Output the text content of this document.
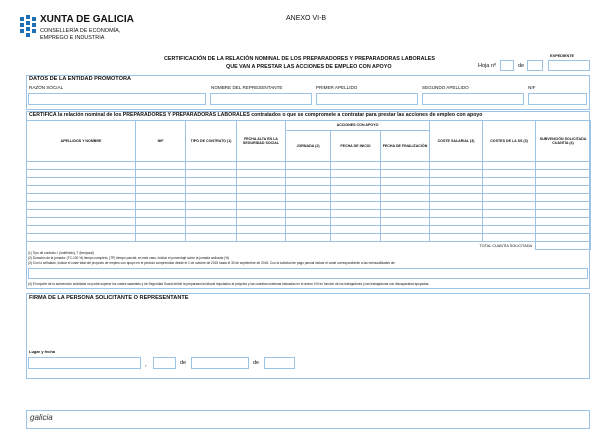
XUNTA DE GALICIA
CONSELLERÍA DE ECONOMÍA,
EMPREGO E INDUSTRIA
ANEXO VI-B
CERTIFICACIÓN DE LA RELACIÓN NOMINAL DE LOS PREPARADORES Y PREPARADORAS LABORALES
QUE VAN A PRESTAR LAS ACCIONES DE EMPLEO CON APOYO	Hoja nº	de
EXPEDIENTE
DATOS DE LA ENTIDAD PROMOTORA
RAZÓN SOCIAL	NOMBRE DEL REPRESENTANTE	PRIMER APELLIDO	SEGUNDO APELLIDO	NIF
CERTIFICA la relación nominal de los PREPARADORES Y PREPARADORAS LABORALES contratados o que se compromete a contratar para prestar las acciones de empleo con apoyo
APELLIDOS Y NOMBRE	NIF	TIPO DE CONTRATO (1)	FECHA ALTA EN LA SEGURIDAD SOCIAL	ACCIONES CON APOYO			COSTE SALARIAL (3)	COSTES DE LA SS (3)	SUBVENCIÓN SOLICITADA CUANTÍA (4)
				JORNADA (2)	FECHA DE INICIO	FECHA DE FINALIZACIÓN			

TOTAL CUANTÍA SOLICITADA									
(1) Tipo de contrato: I (indefinido), T (temporal)
(2) Duración de la jornada: (TC-100 %) tiempo completo, (TP) tiempo parcial; en este caso, indicar el porcentaje sobre la jornada ordinaria (%)
(3) Con lo señalado, indicar el coste total del proyecto de empleo con apoyo en el período comprendido desde el 1 de octubre de 2015 hasta el 30 de septiembre de 2016. Con la solicitud de pago parcial indicar el coste correspondiente a las mensualidades de:
(4) El importe de la subvención solicitada no podrá superar los costes salariales y de Seguridad Social del/de la preparador/a laboral imputados al proyecto y las cuantías máximas indicadas en el anexo VIII en función de los trabajadores y las trabajadoras con discapacidad apoyadas.
FIRMA DE LA PERSONA SOLICITANTE O REPRESENTANTE
Lugar y fecha
,	de	de
galicia
